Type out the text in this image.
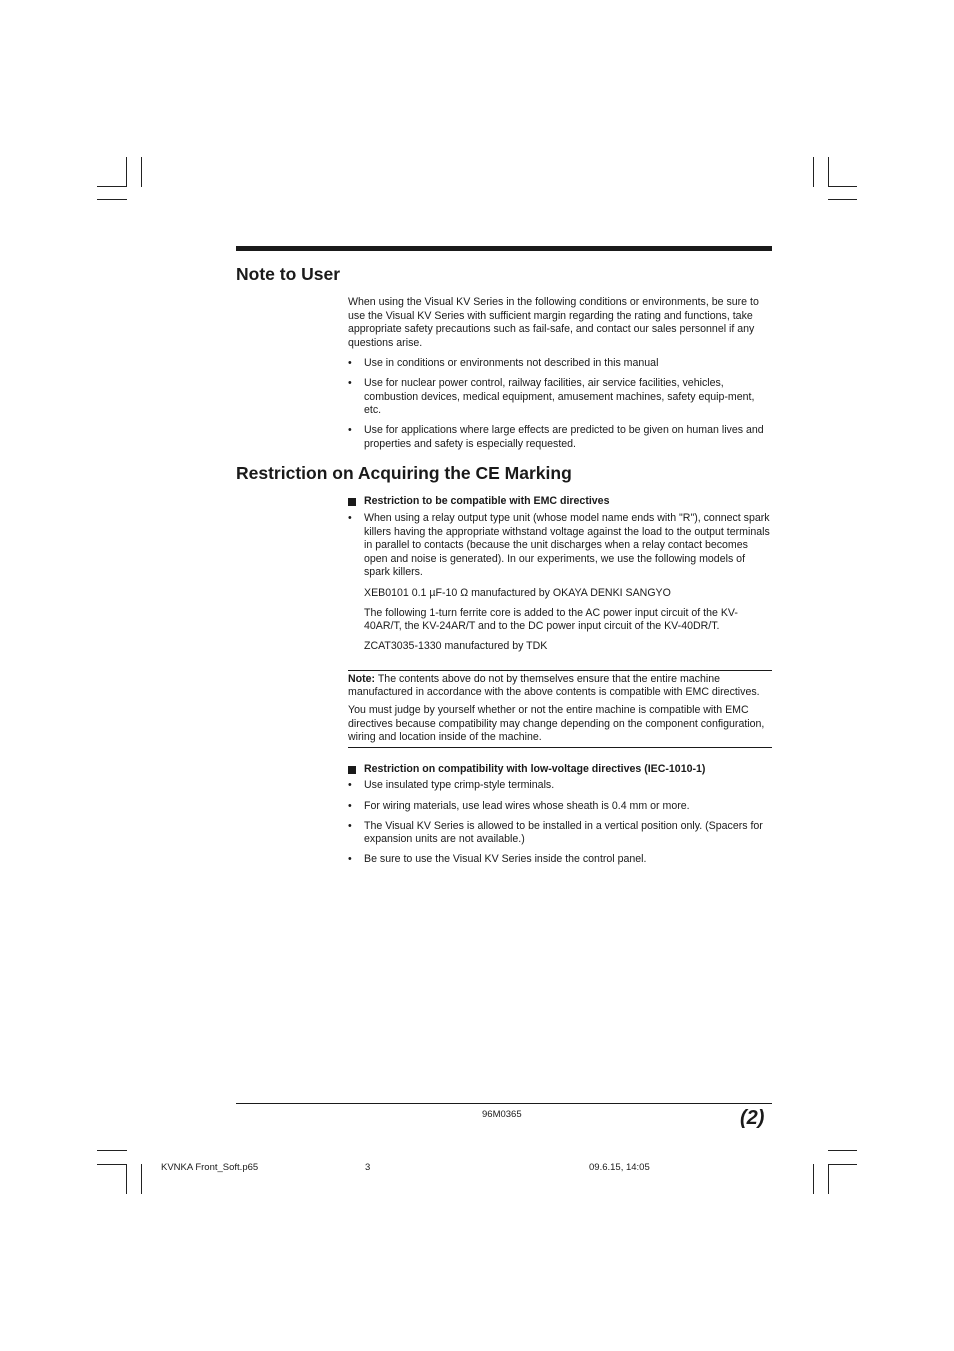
Note to User

When using the Visual KV Series in the following conditions or environments, be sure to use the Visual KV Series with sufficient margin regarding the rating and functions, take appropriate safety precautions such as fail-safe, and contact our sales personnel if any questions arise.

• Use in conditions or environments not described in this manual
• Use for nuclear power control, railway facilities, air service facilities, vehicles, combustion devices, medical equipment, amusement machines, safety equip-ment, etc.
• Use for applications where large effects are predicted to be given on human lives and properties and safety is especially requested.
Restriction on Acquiring the CE Marking
Restriction to be compatible with EMC directives
• When using a relay output type unit (whose model name ends with "R"), connect spark killers having the appropriate withstand voltage against the load to the output terminals in parallel to contacts (because the unit discharges when a relay contact becomes open and noise is generated). In our experiments, we use the following models of spark killers.

XEB0101 0.1 µF-10 Ω manufactured by OKAYA DENKI SANGYO

The following 1-turn ferrite core is added to the AC power input circuit of the KV-40AR/T, the KV-24AR/T and to the DC power input circuit of the KV-40DR/T.

ZCAT3035-1330 manufactured by TDK

Note: The contents above do not by themselves ensure that the entire machine manufactured in accordance with the above contents is compatible with EMC directives.

You must judge by yourself whether or not the entire machine is compatible with EMC directives because compatibility may change depending on the component configuration, wiring and location inside of the machine.

Restriction on compatibility with low-voltage directives (IEC-1010-1)
• Use insulated type crimp-style terminals.
• For wiring materials, use lead wires whose sheath is 0.4 mm or more.
• The Visual KV Series is allowed to be installed in a vertical position only. (Spacers for expansion units are not available.)
• Be sure to use the Visual KV Series inside the control panel.
96M0365	(2)
KVNKA Front_Soft.p65	3	09.6.15, 14:05
